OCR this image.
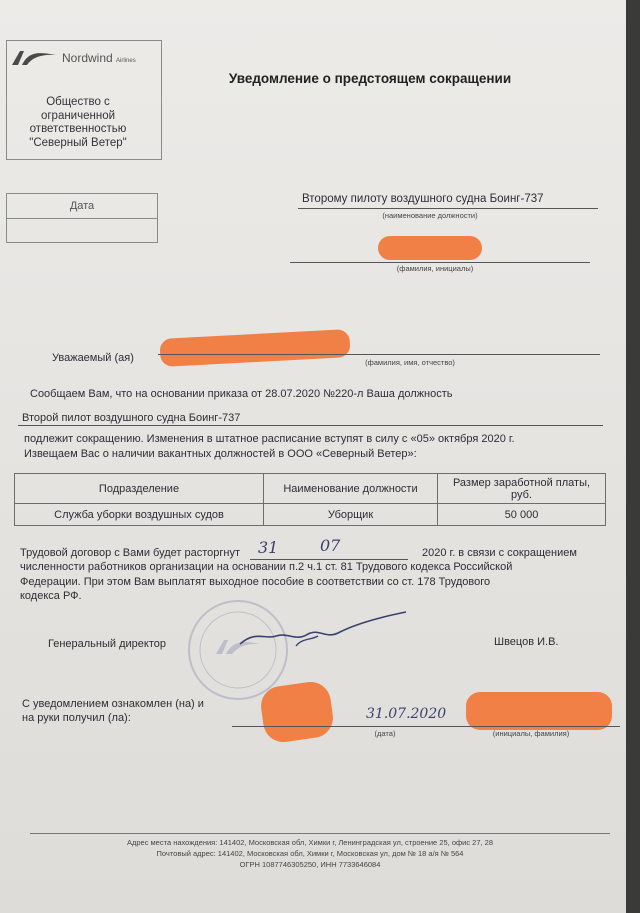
Nordwind Airlines
Общество с
ограниченной
ответственностью
"Северный Ветер"
Уведомление о предстоящем сокращении
Дата
Второму пилоту воздушного судна Боинг-737
(наименование должности)
(фамилия, инициалы)
Уважаемый (ая)	(фамилия, имя, отчество)
Сообщаем Вам, что на основании приказа от 28.07.2020 №220-л Ваша должность
Второй пилот воздушного судна Боинг-737
подлежит сокращению. Изменения в штатное расписание вступят в силу с «05» октября 2020 г.
Извещаем Вас о наличии вакантных должностей в ООО «Северный Ветер»:
Подразделение	Наименование должности	Размер заработной платы, руб.
Служба уборки воздушных судов	Уборщик	50 000
Трудовой договор с Вами будет расторгнут 31	07	2020 г. в связи с сокращением
численности работников организации на основании п.2 ч.1 ст. 81 Трудового кодекса Российской
Федерации. При этом Вам выплатят выходное пособие в соответствии со ст. 178 Трудового
кодекса РФ.
Генеральный директор	Швецов И.В.
С уведомлением ознакомлен (на) и
на руки получил (ла):	31.07.2020
(дата)	(инициалы, фамилия)
Адрес места нахождения: 141402, Московская обл, Химки г, Ленинградская ул, строение 25, офис 27, 28
Почтовый адрес: 141402, Московская обл, Химки г, Московская ул, дом № 18 а/я № 564
ОГРН 1087746305250, ИНН 7733646084
